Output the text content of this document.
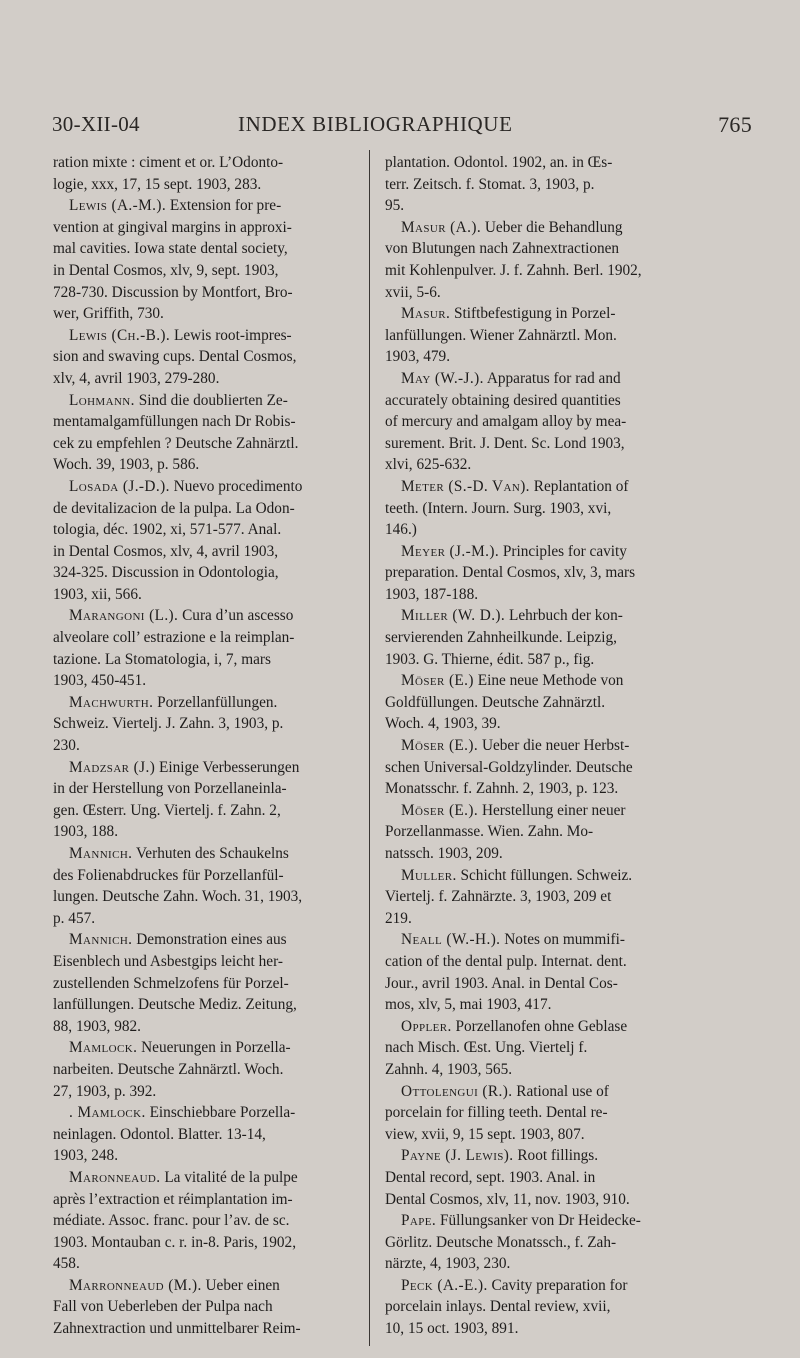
30-XII-04	INDEX BIBLIOGRAPHIQUE	765
ration mixte : ciment et or. L’Odonto-
logie, xxx, 17, 15 sept. 1903, 283.
Lewis (A.-M.). Extension for pre-
vention at gingival margins in approxi-
mal cavities. Iowa state dental society,
in Dental Cosmos, xlv, 9, sept. 1903,
728-730. Discussion by Montfort, Bro-
wer, Griffith, 730.
Lewis (Ch.-B.). Lewis root-impres-
sion and swaving cups. Dental Cosmos,
xlv, 4, avril 1903, 279-280.
Lohmann. Sind die doublierten Ze-
mentamalgamfüllungen nach Dr Robis-
cek zu empfehlen ? Deutsche Zahnärztl.
Woch. 39, 1903, p. 586.
Losada (J.-D.). Nuevo procedimento
de devitalizacion de la pulpa. La Odon-
tologia, déc. 1902, xi, 571-577. Anal.
in Dental Cosmos, xlv, 4, avril 1903,
324-325. Discussion in Odontologia,
1903, xii, 566.
Marangoni (L.). Cura d’un ascesso
alveolare coll’ estrazione e la reimplan-
tazione. La Stomatologia, i, 7, mars
1903, 450-451.
Machwurth. Porzellanfüllungen.
Schweiz. Viertelj. J. Zahn. 3, 1903, p.
230.
Madzsar (J.) Einige Verbesserungen
in der Herstellung von Porzellaneinla-
gen. Œsterr. Ung. Viertelj. f. Zahn. 2,
1903, 188.
Mannich. Verhuten des Schaukelns
des Folienabdruckes für Porzellanfül-
lungen. Deutsche Zahn. Woch. 31, 1903,
p. 457.
Mannich. Demonstration eines aus
Eisenblech und Asbestgips leicht her-
zustellenden Schmelzofens für Porzel-
lanfüllungen. Deutsche Mediz. Zeitung,
88, 1903, 982.
Mamlock. Neuerungen in Porzella-
narbeiten. Deutsche Zahnärztl. Woch.
27, 1903, p. 392.
. Mamlock. Einschiebbare Porzella-
neinlagen. Odontol. Blatter. 13-14,
1903, 248.
Maronneaud. La vitalité de la pulpe
après l’extraction et réimplantation im-
médiate. Assoc. franc. pour l’av. de sc.
1903. Montauban c. r. in-8. Paris, 1902,
458.
Marronneaud (M.). Ueber einen
Fall von Ueberleben der Pulpa nach
Zahnextraction und unmittelbarer Reim-
plantation. Odontol. 1902, an. in Œs-
terr. Zeitsch. f. Stomat. 3, 1903, p.
95.
Masur (A.). Ueber die Behandlung
von Blutungen nach Zahnextractionen
mit Kohlenpulver. J. f. Zahnh. Berl. 1902,
xvii, 5-6.
Masur. Stiftbefestigung in Porzel-
lanfüllungen. Wiener Zahnärztl. Mon.
1903, 479.
May (W.-J.). Apparatus for rad and
accurately obtaining desired quantities
of mercury and amalgam alloy by mea-
surement. Brit. J. Dent. Sc. Lond 1903,
xlvi, 625-632.
Meter (S.-D. Van). Replantation of
teeth. (Intern. Journ. Surg. 1903, xvi,
146.)
Meyer (J.-M.). Principles for cavity
preparation. Dental Cosmos, xlv, 3, mars
1903, 187-188.
Miller (W. D.). Lehrbuch der kon-
servierenden Zahnheilkunde. Leipzig,
1903. G. Thierne, édit. 587 p., fig.
Möser (E.) Eine neue Methode von
Goldfüllungen. Deutsche Zahnärztl.
Woch. 4, 1903, 39.
Möser (E.). Ueber die neuer Herbst-
schen Universal-Goldzylinder. Deutsche
Monatsschr. f. Zahnh. 2, 1903, p. 123.
Möser (E.). Herstellung einer neuer
Porzellanmasse. Wien. Zahn. Mo-
natssch. 1903, 209.
Muller. Schicht füllungen. Schweiz.
Viertelj. f. Zahnärzte. 3, 1903, 209 et
219.
Neall (W.-H.). Notes on mummifi-
cation of the dental pulp. Internat. dent.
Jour., avril 1903. Anal. in Dental Cos-
mos, xlv, 5, mai 1903, 417.
Oppler. Porzellanofen ohne Geblase
nach Misch. Œst. Ung. Viertelj f.
Zahnh. 4, 1903, 565.
Ottolengui (R.). Rational use of
porcelain for filling teeth. Dental re-
view, xvii, 9, 15 sept. 1903, 807.
Payne (J. Lewis). Root fillings.
Dental record, sept. 1903. Anal. in
Dental Cosmos, xlv, 11, nov. 1903, 910.
Pape. Füllungsanker von Dr Heidecke-
Görlitz. Deutsche Monatssch., f. Zah-
närzte, 4, 1903, 230.
Peck (A.-E.). Cavity preparation for
porcelain inlays. Dental review, xvii,
10, 15 oct. 1903, 891.
